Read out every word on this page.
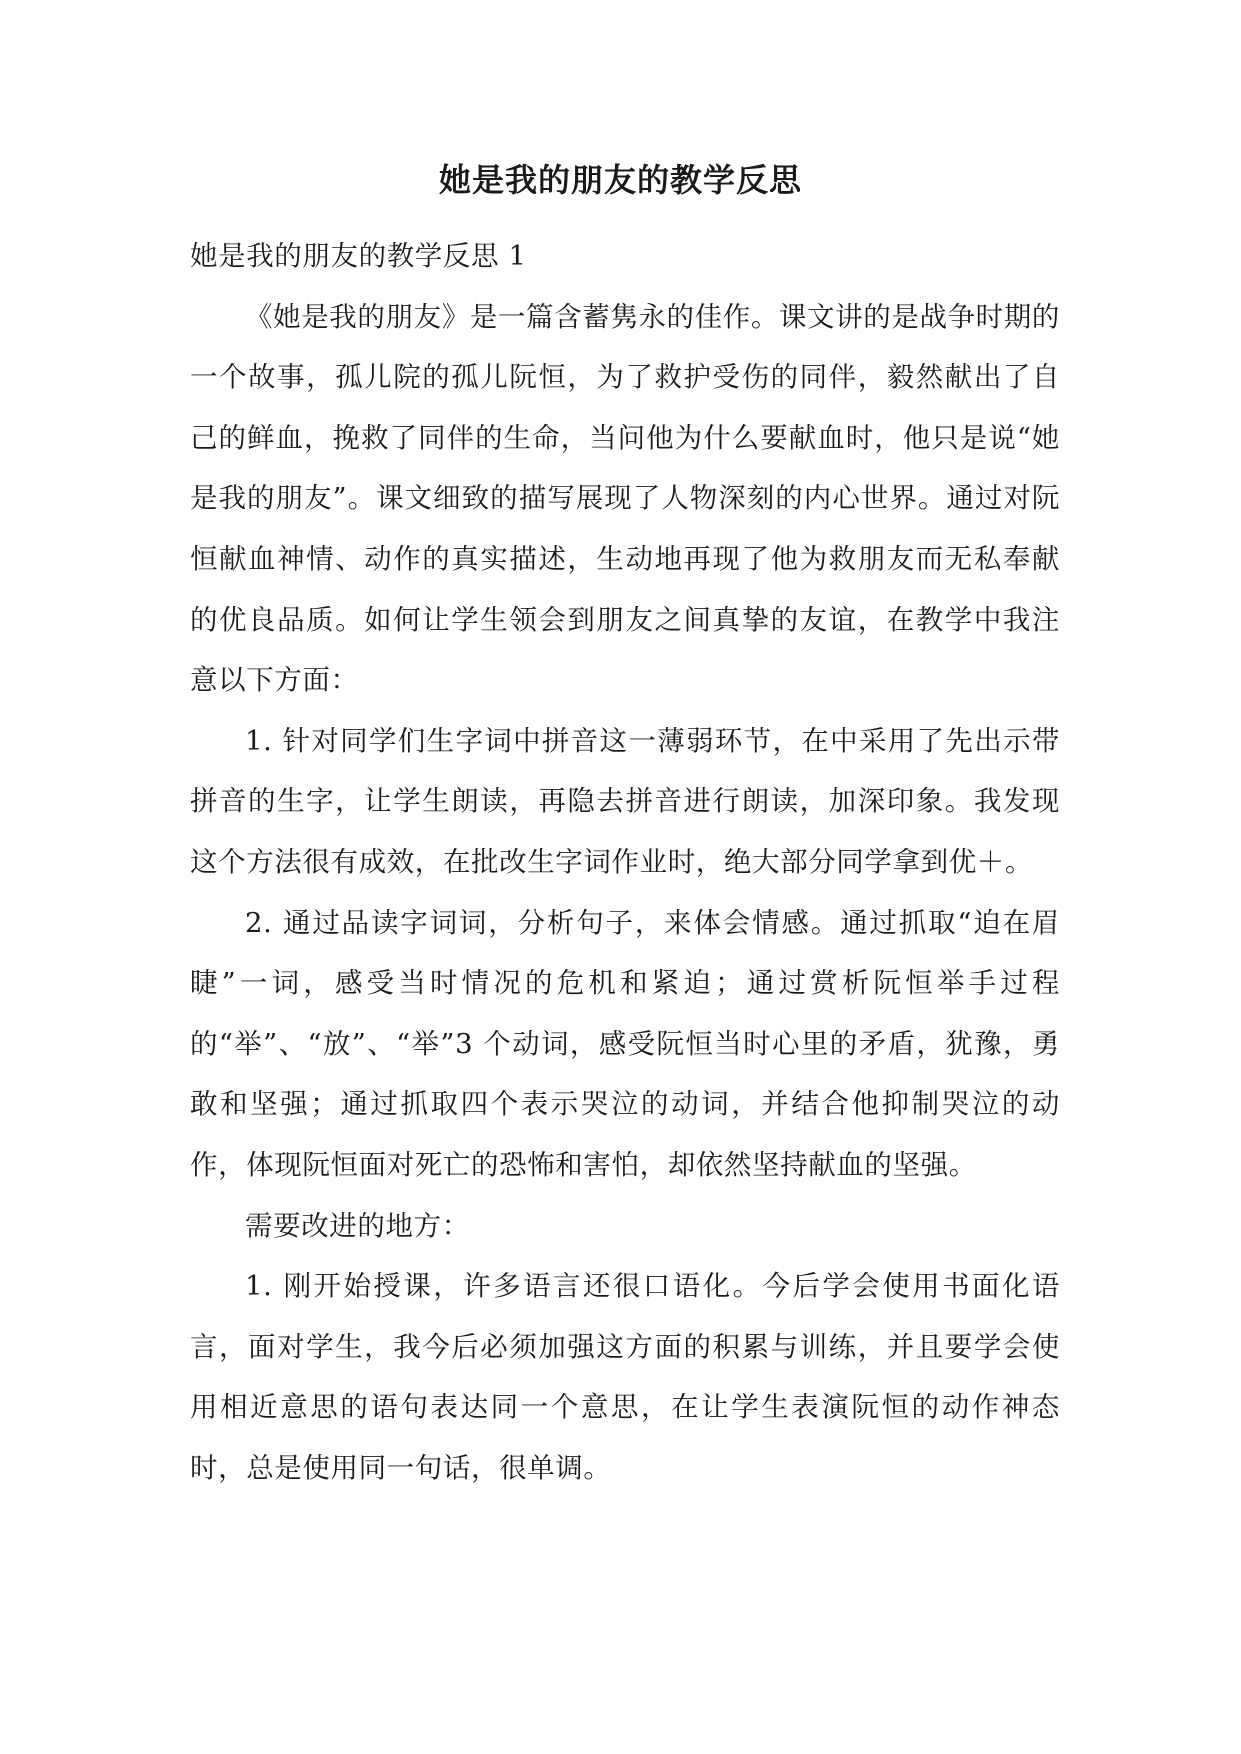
她是我的朋友的教学反思

她是我的朋友的教学反思 1

《她是我的朋友》是一篇含蓄隽永的佳作。课文讲的是战争时期的一个故事，孤儿院的孤儿阮恒，为了救护受伤的同伴，毅然献出了自己的鲜血，挽救了同伴的生命，当问他为什么要献血时，他只是说“她是我的朋友”。课文细致的描写展现了人物深刻的内心世界。通过对阮恒献血神情、动作的真实描述，生动地再现了他为救朋友而无私奉献的优良品质。如何让学生领会到朋友之间真挚的友谊，在教学中我注意以下方面：

1. 针对同学们生字词中拼音这一薄弱环节，在中采用了先出示带拼音的生字，让学生朗读，再隐去拼音进行朗读，加深印象。我发现这个方法很有成效，在批改生字词作业时，绝大部分同学拿到优＋。

2. 通过品读字词词，分析句子，来体会情感。通过抓取“迫在眉睫”一词，感受当时情况的危机和紧迫；通过赏析阮恒举手过程的“举”、“放”、“举”3 个动词，感受阮恒当时心里的矛盾，犹豫，勇敢和坚强；通过抓取四个表示哭泣的动词，并结合他抑制哭泣的动作，体现阮恒面对死亡的恐怖和害怕，却依然坚持献血的坚强。

需要改进的地方：

1. 刚开始授课，许多语言还很口语化。今后学会使用书面化语言，面对学生，我今后必须加强这方面的积累与训练，并且要学会使用相近意思的语句表达同一个意思，在让学生表演阮恒的动作神态时，总是使用同一句话，很单调。
